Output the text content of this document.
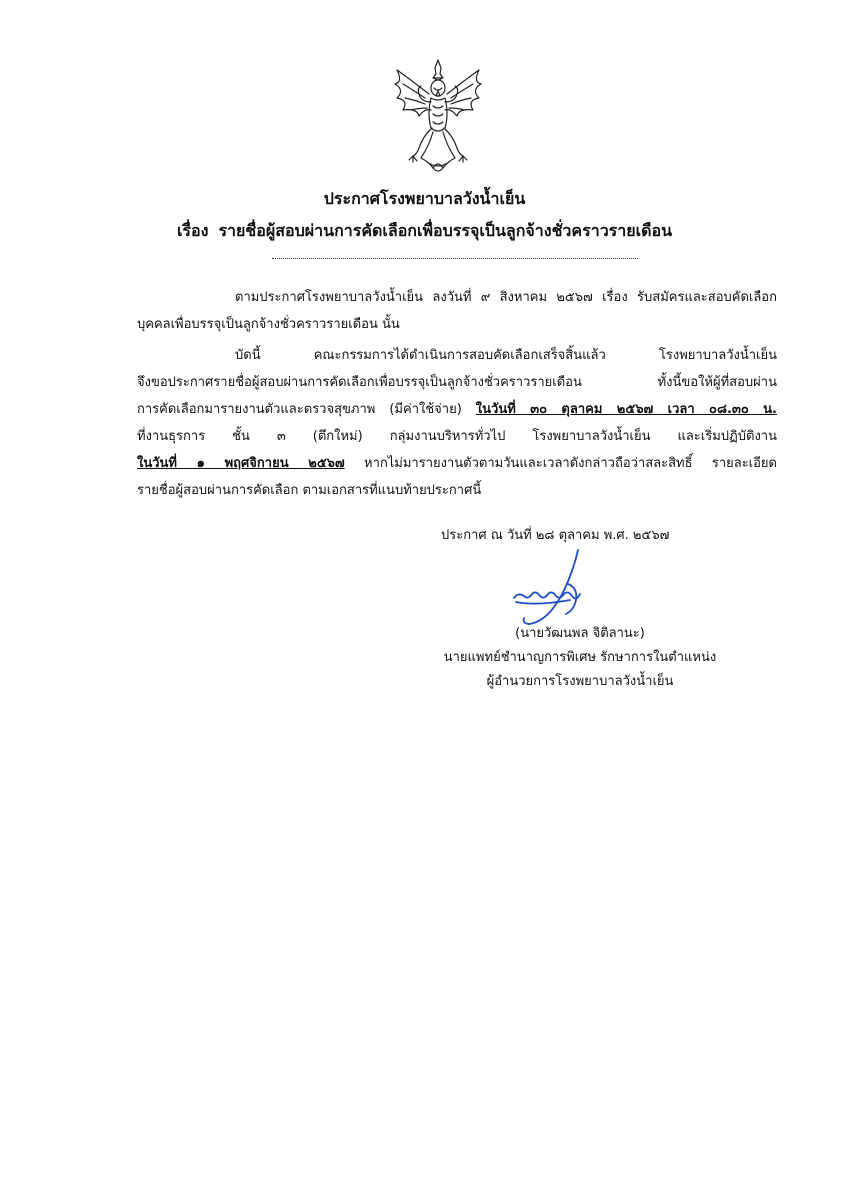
ประกาศโรงพยาบาลวังน้ำเย็น
เรื่อง รายชื่อผู้สอบผ่านการคัดเลือกเพื่อบรรจุเป็นลูกจ้างชั่วคราวรายเดือน
ตามประกาศโรงพยาบาลวังน้ำเย็น ลงวันที่ ๙ สิงหาคม ๒๕๖๗ เรื่อง รับสมัครและสอบคัดเลือก
บุคคลเพื่อบรรจุเป็นลูกจ้างชั่วคราวรายเดือน นั้น
บัดนี้ คณะกรรมการได้ดำเนินการสอบคัดเลือกเสร็จสิ้นแล้ว โรงพยาบาลวังน้ำเย็น
จึงขอประกาศรายชื่อผู้สอบผ่านการคัดเลือกเพื่อบรรจุเป็นลูกจ้างชั่วคราวรายเดือน ทั้งนี้ขอให้ผู้ที่สอบผ่าน
การคัดเลือกมารายงานตัวและตรวจสุขภาพ (มีค่าใช้จ่าย) ในวันที่ ๓๐ ตุลาคม ๒๕๖๗ เวลา ๐๘.๓๐ น.
ที่งานธุรการ ชั้น ๓ (ตึกใหม่) กลุ่มงานบริหารทั่วไป โรงพยาบาลวังน้ำเย็น และเริ่มปฏิบัติงาน
ในวันที่ ๑ พฤศจิกายน ๒๕๖๗ หากไม่มารายงานตัวตามวันและเวลาดังกล่าวถือว่าสละสิทธิ์ รายละเอียด
รายชื่อผู้สอบผ่านการคัดเลือก ตามเอกสารที่แนบท้ายประกาศนี้
ประกาศ ณ วันที่ ๒๘ ตุลาคม พ.ศ. ๒๕๖๗
(นายวัฒนพล จิติลานะ)
นายแพทย์ชำนาญการพิเศษ รักษาการในตำแหน่ง
ผู้อำนวยการโรงพยาบาลวังน้ำเย็น
